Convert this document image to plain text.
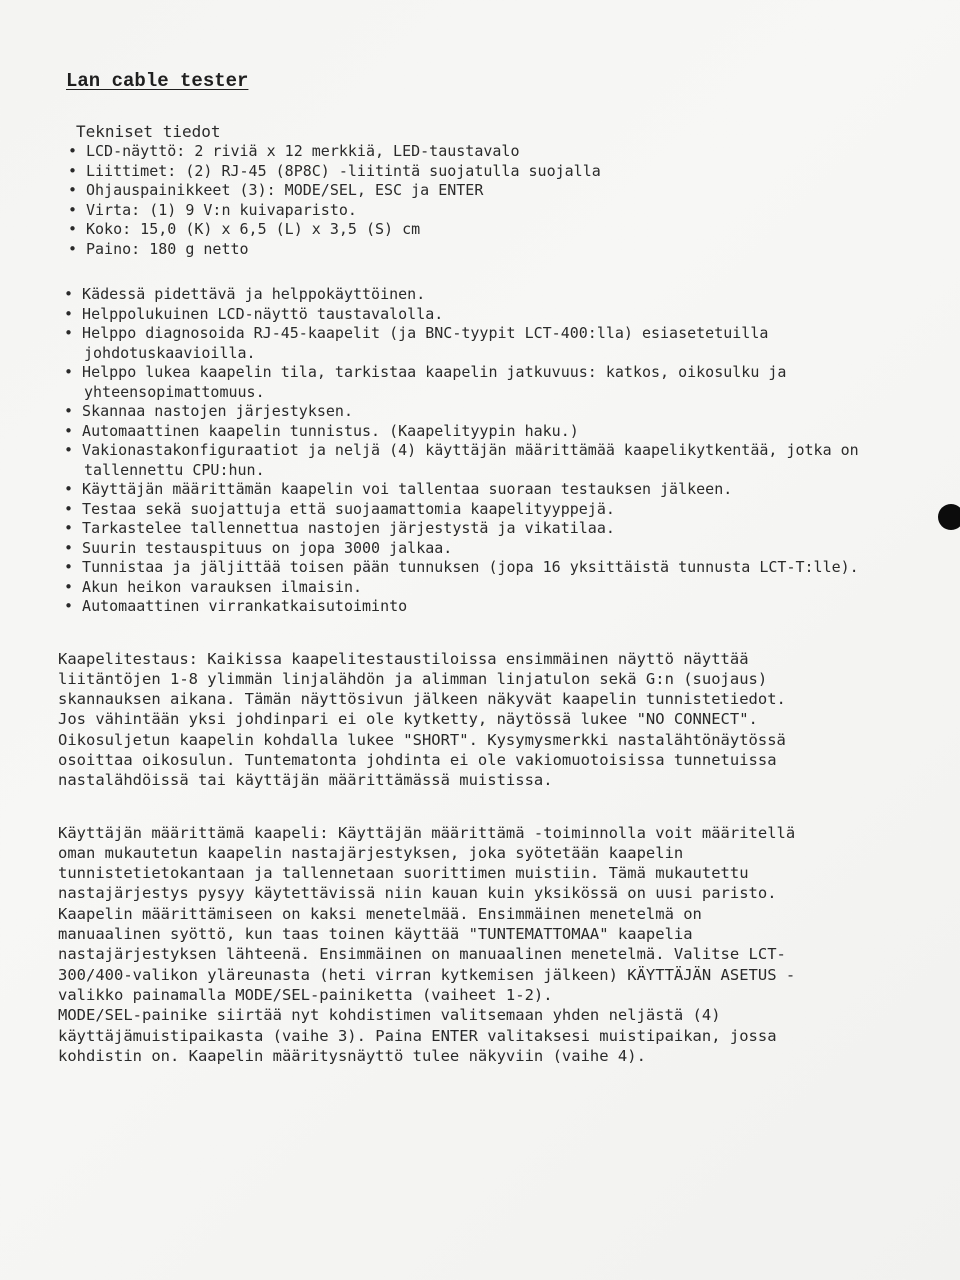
Lan cable tester
Tekniset tiedot
• LCD-näyttö: 2 riviä x 12 merkkiä, LED-taustavalo
• Liittimet: (2) RJ-45 (8P8C) -liitintä suojatulla suojalla
• Ohjauspainikkeet (3): MODE/SEL, ESC ja ENTER
• Virta: (1) 9 V:n kuivaparisto.
• Koko: 15,0 (K) x 6,5 (L) x 3,5 (S) cm
• Paino: 180 g netto
• Kädessä pidettävä ja helppokäyttöinen.
• Helppolukuinen LCD-näyttö taustavalolla.
• Helppo diagnosoida RJ-45-kaapelit (ja BNC-tyypit LCT-400:lla) esiasetetuilla johdotuskaavioilla.
• Helppo lukea kaapelin tila, tarkistaa kaapelin jatkuvuus: katkos, oikosulku ja yhteensopimattomuus.
• Skannaa nastojen järjestyksen.
• Automaattinen kaapelin tunnistus. (Kaapelityypin haku.)
• Vakionastakonfiguraatiot ja neljä (4) käyttäjän määrittämää kaapelikytkentää, jotka on tallennettu CPU:hun.
• Käyttäjän määrittämän kaapelin voi tallentaa suoraan testauksen jälkeen.
• Testaa sekä suojattuja että suojaamattomia kaapelityyppejä.
• Tarkastelee tallennettua nastojen järjestystä ja vikatilaa.
• Suurin testauspituus on jopa 3000 jalkaa.
• Tunnistaa ja jäljittää toisen pään tunnuksen (jopa 16 yksittäistä tunnusta LCT-T:lle).
• Akun heikon varauksen ilmaisin.
• Automaattinen virrankatkaisutoiminto

Kaapelitestaus: Kaikissa kaapelitestaustiloissa ensimmäinen näyttö näyttää
liitäntöjen 1-8 ylimmän linjalähdön ja alimman linjatulon sekä G:n (suojaus)
skannauksen aikana. Tämän näyttösivun jälkeen näkyvät kaapelin tunnistetiedot.
Jos vähintään yksi johdinpari ei ole kytketty, näytössä lukee "NO CONNECT".
Oikosuljetun kaapelin kohdalla lukee "SHORT". Kysymysmerkki nastalähtönäytössä
osoittaa oikosulun. Tuntematonta johdinta ei ole vakiomuotoisissa tunnetuissa
nastalähdöissä tai käyttäjän määrittämässä muistissa.

Käyttäjän määrittämä kaapeli: Käyttäjän määrittämä -toiminnolla voit määritellä
oman mukautetun kaapelin nastajärjestyksen, joka syötetään kaapelin
tunnistetietokantaan ja tallennetaan suorittimen muistiin. Tämä mukautettu
nastajärjestys pysyy käytettävissä niin kauan kuin yksikössä on uusi paristo.
Kaapelin määrittämiseen on kaksi menetelmää. Ensimmäinen menetelmä on
manuaalinen syöttö, kun taas toinen käyttää "TUNTEMATTOMAA" kaapelia
nastajärjestyksen lähteenä. Ensimmäinen on manuaalinen menetelmä. Valitse LCT-
300/400-valikon yläreunasta (heti virran kytkemisen jälkeen) KÄYTTÄJÄN ASETUS -
valikko painamalla MODE/SEL-painiketta (vaiheet 1-2).
MODE/SEL-painike siirtää nyt kohdistimen valitsemaan yhden neljästä (4)
käyttäjämuistipaikasta (vaihe 3). Paina ENTER valitaksesi muistipaikan, jossa
kohdistin on. Kaapelin määritysnäyttö tulee näkyviin (vaihe 4).
